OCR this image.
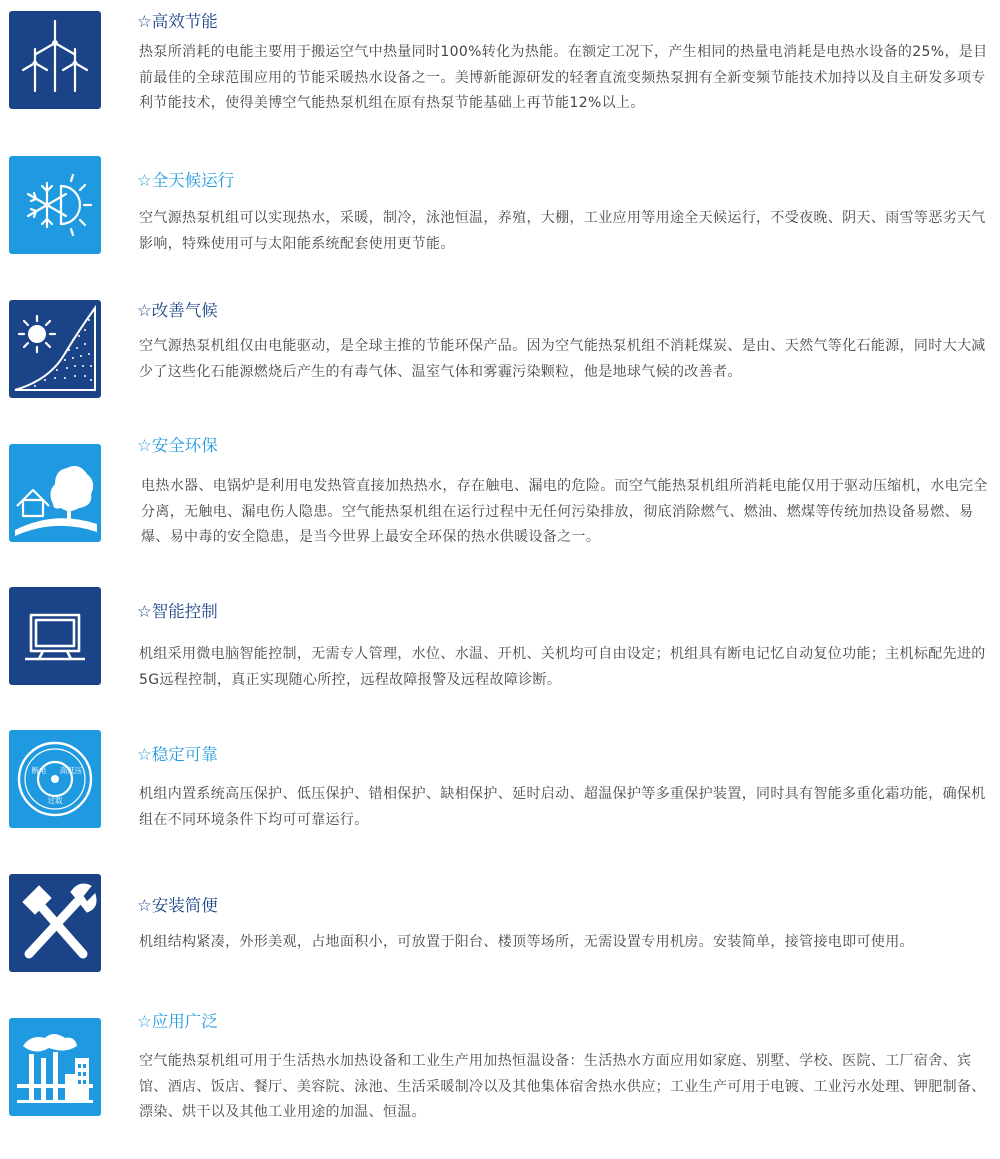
☆高效节能

热泵所消耗的电能主要用于搬运空气中热量同时100%转化为热能。在额定工况下，产生相同的热量电消耗是电热水设备的25%，是目前最佳的全球范围应用的节能采暖热水设备之一。美博新能源研发的轻奢直流变频热泵拥有全新变频节能技术加持以及自主研发多项专利节能技术，使得美博空气能热泵机组在原有热泵节能基础上再节能12%以上。

☆全天候运行

空气源热泵机组可以实现热水，采暖，制冷，泳池恒温，养殖，大棚，工业应用等用途全天候运行，不受夜晚、阴天、雨雪等恶劣天气影响，特殊使用可与太阳能系统配套使用更节能。

☆改善气候

空气源热泵机组仅由电能驱动，是全球主推的节能环保产品。因为空气能热泵机组不消耗煤炭、是由、天然气等化石能源，同时大大减少了这些化石能源燃烧后产生的有毒气体、温室气体和雾霾污染颗粒，他是地球气候的改善者。

☆安全环保

电热水器、电锅炉是利用电发热管直接加热热水，存在触电、漏电的危险。而空气能热泵机组所消耗电能仅用于驱动压缩机，水电完全分离，无触电、漏电伤人隐患。空气能热泵机组在运行过程中无任何污染排放，彻底消除燃气、燃油、燃煤等传统加热设备易燃、易爆、易中毒的安全隐患，是当今世界上最安全环保的热水供暖设备之一。

☆智能控制

机组采用微电脑智能控制，无需专人管理，水位、水温、开机、关机均可自由设定；机组具有断电记忆自动复位功能；主机标配先进的5G远程控制，真正实现随心所控，远程故障报警及远程故障诊断。

断电 高低压
过载
☆稳定可靠

机组内置系统高压保护、低压保护、错相保护、缺相保护、延时启动、超温保护等多重保护装置，同时具有智能多重化霜功能，确保机组在不同环境条件下均可可靠运行。

☆安装简便

机组结构紧凑，外形美观，占地面积小，可放置于阳台、楼顶等场所，无需设置专用机房。安装简单，接管接电即可使用。

☆应用广泛

空气能热泵机组可用于生活热水加热设备和工业生产用加热恒温设备：生活热水方面应用如家庭、别墅、学校、医院、工厂宿舍、宾馆、酒店、饭店、餐厅、美容院、泳池、生活采暖制冷以及其他集体宿舍热水供应；工业生产可用于电镀、工业污水处理、钾肥制备、漂染、烘干以及其他工业用途的加温、恒温。
